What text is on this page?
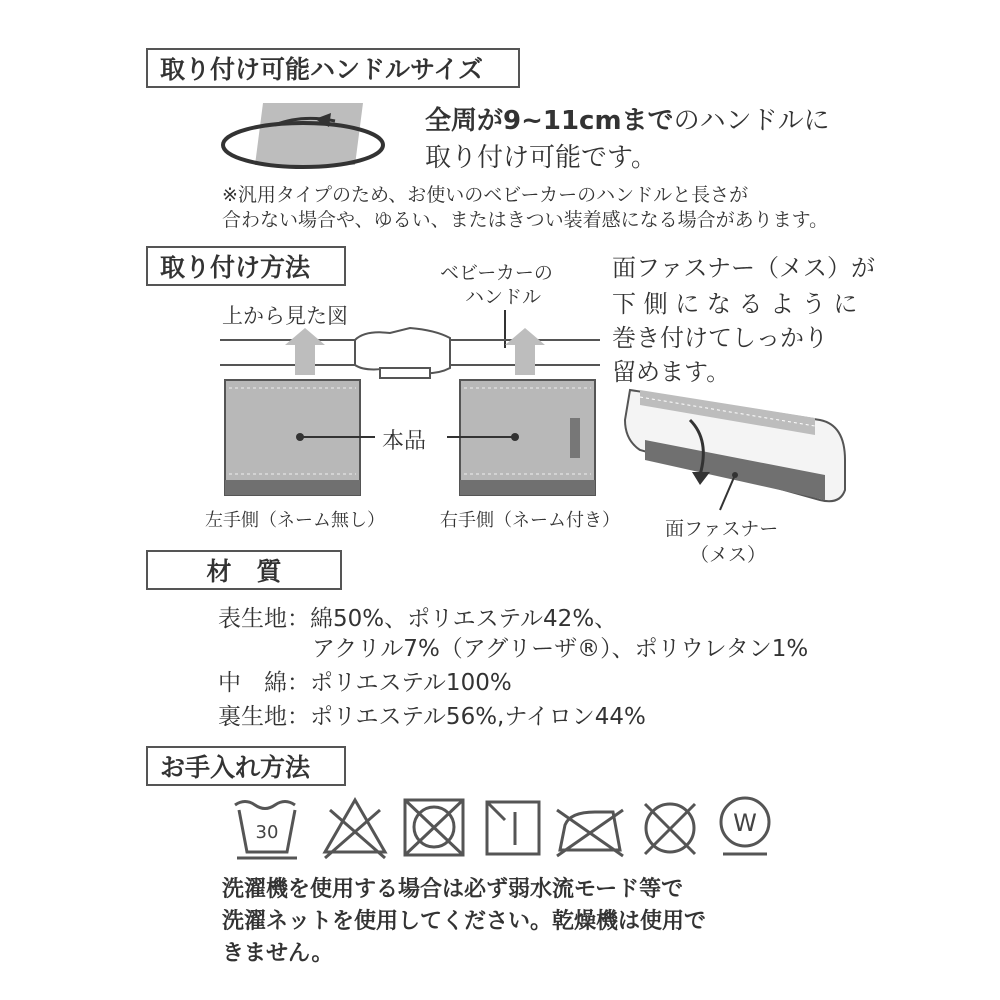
取り付け可能ハンドルサイズ
全周が9~11cmまでのハンドルに
取り付け可能です。
※汎用タイプのため、お使いのベビーカーのハンドルと長さが
合わない場合や、ゆるい、またはきつい装着感になる場合があります。
取り付け方法
上から見た図
ベビーカーの
ハンドル
本品
左手側（ネーム無し）	右手側（ネーム付き）
面ファスナー（メス）が
下 側 に な る よ う に
巻き付けてしっかり
留めます。
面ファスナー
（メス）
材　質
表生地：綿50%、ポリエステル42%、
アクリル7%（アグリーザ®）、ポリウレタン1%
中　綿：ポリエステル100%
裏生地：ポリエステル56%,ナイロン44%
お手入れ方法
30	W
洗濯機を使用する場合は必ず弱水流モード等で
洗濯ネットを使用してください。乾燥機は使用で
きません。
